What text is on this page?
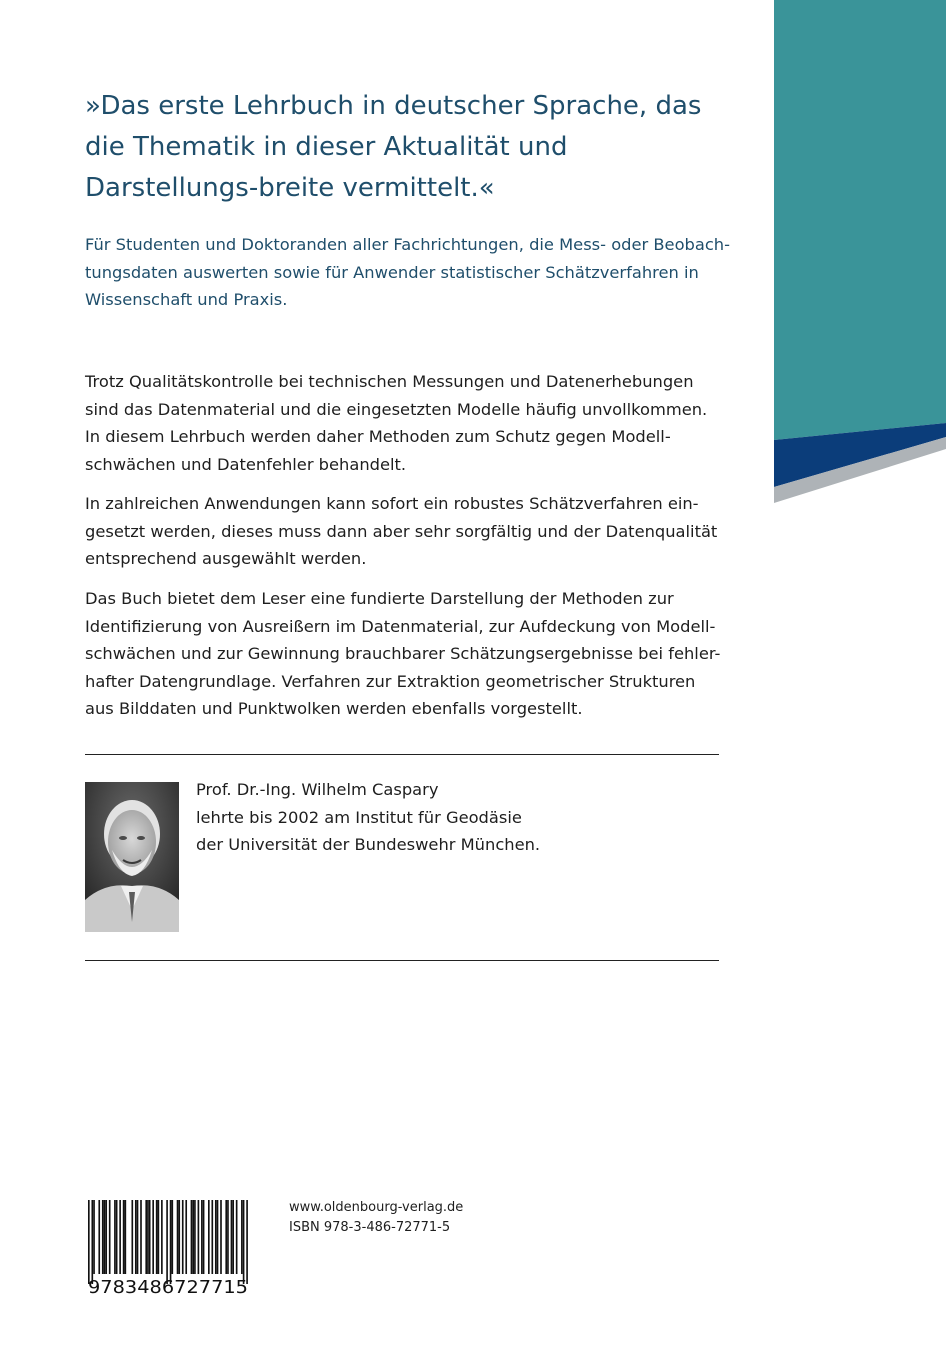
»Das erste Lehrbuch in deutscher Sprache, das die Thematik in dieser Aktualität und Darstellungs-breite vermittelt.«

Für Studenten und Doktoranden aller Fachrichtungen, die Mess- oder Beobach-tungsdaten auswerten sowie für Anwender statistischer Schätzverfahren in Wissenschaft und Praxis.

Trotz Qualitätskontrolle bei technischen Messungen und Datenerhebungen sind das Datenmaterial und die eingesetzten Modelle häufig unvollkommen. In diesem Lehrbuch werden daher Methoden zum Schutz gegen Modell-schwächen und Datenfehler behandelt.

In zahlreichen Anwendungen kann sofort ein robustes Schätzverfahren ein-gesetzt werden, dieses muss dann aber sehr sorgfältig und der Datenqualität entsprechend ausgewählt werden.

Das Buch bietet dem Leser eine fundierte Darstellung der Methoden zur Identifizierung von Ausreißern im Datenmaterial, zur Aufdeckung von Modell-schwächen und zur Gewinnung brauchbarer Schätzungsergebnisse bei fehler-hafter Datengrundlage. Verfahren zur Extraktion geometrischer Strukturen aus Bilddaten und Punktwolken werden ebenfalls vorgestellt.

Prof. Dr.-Ing. Wilhelm Caspary
lehrte bis 2002 am Institut für Geodäsie
der Universität der Bundeswehr München.

9783486727715
www.oldenbourg-verlag.de
ISBN 978-3-486-72771-5
